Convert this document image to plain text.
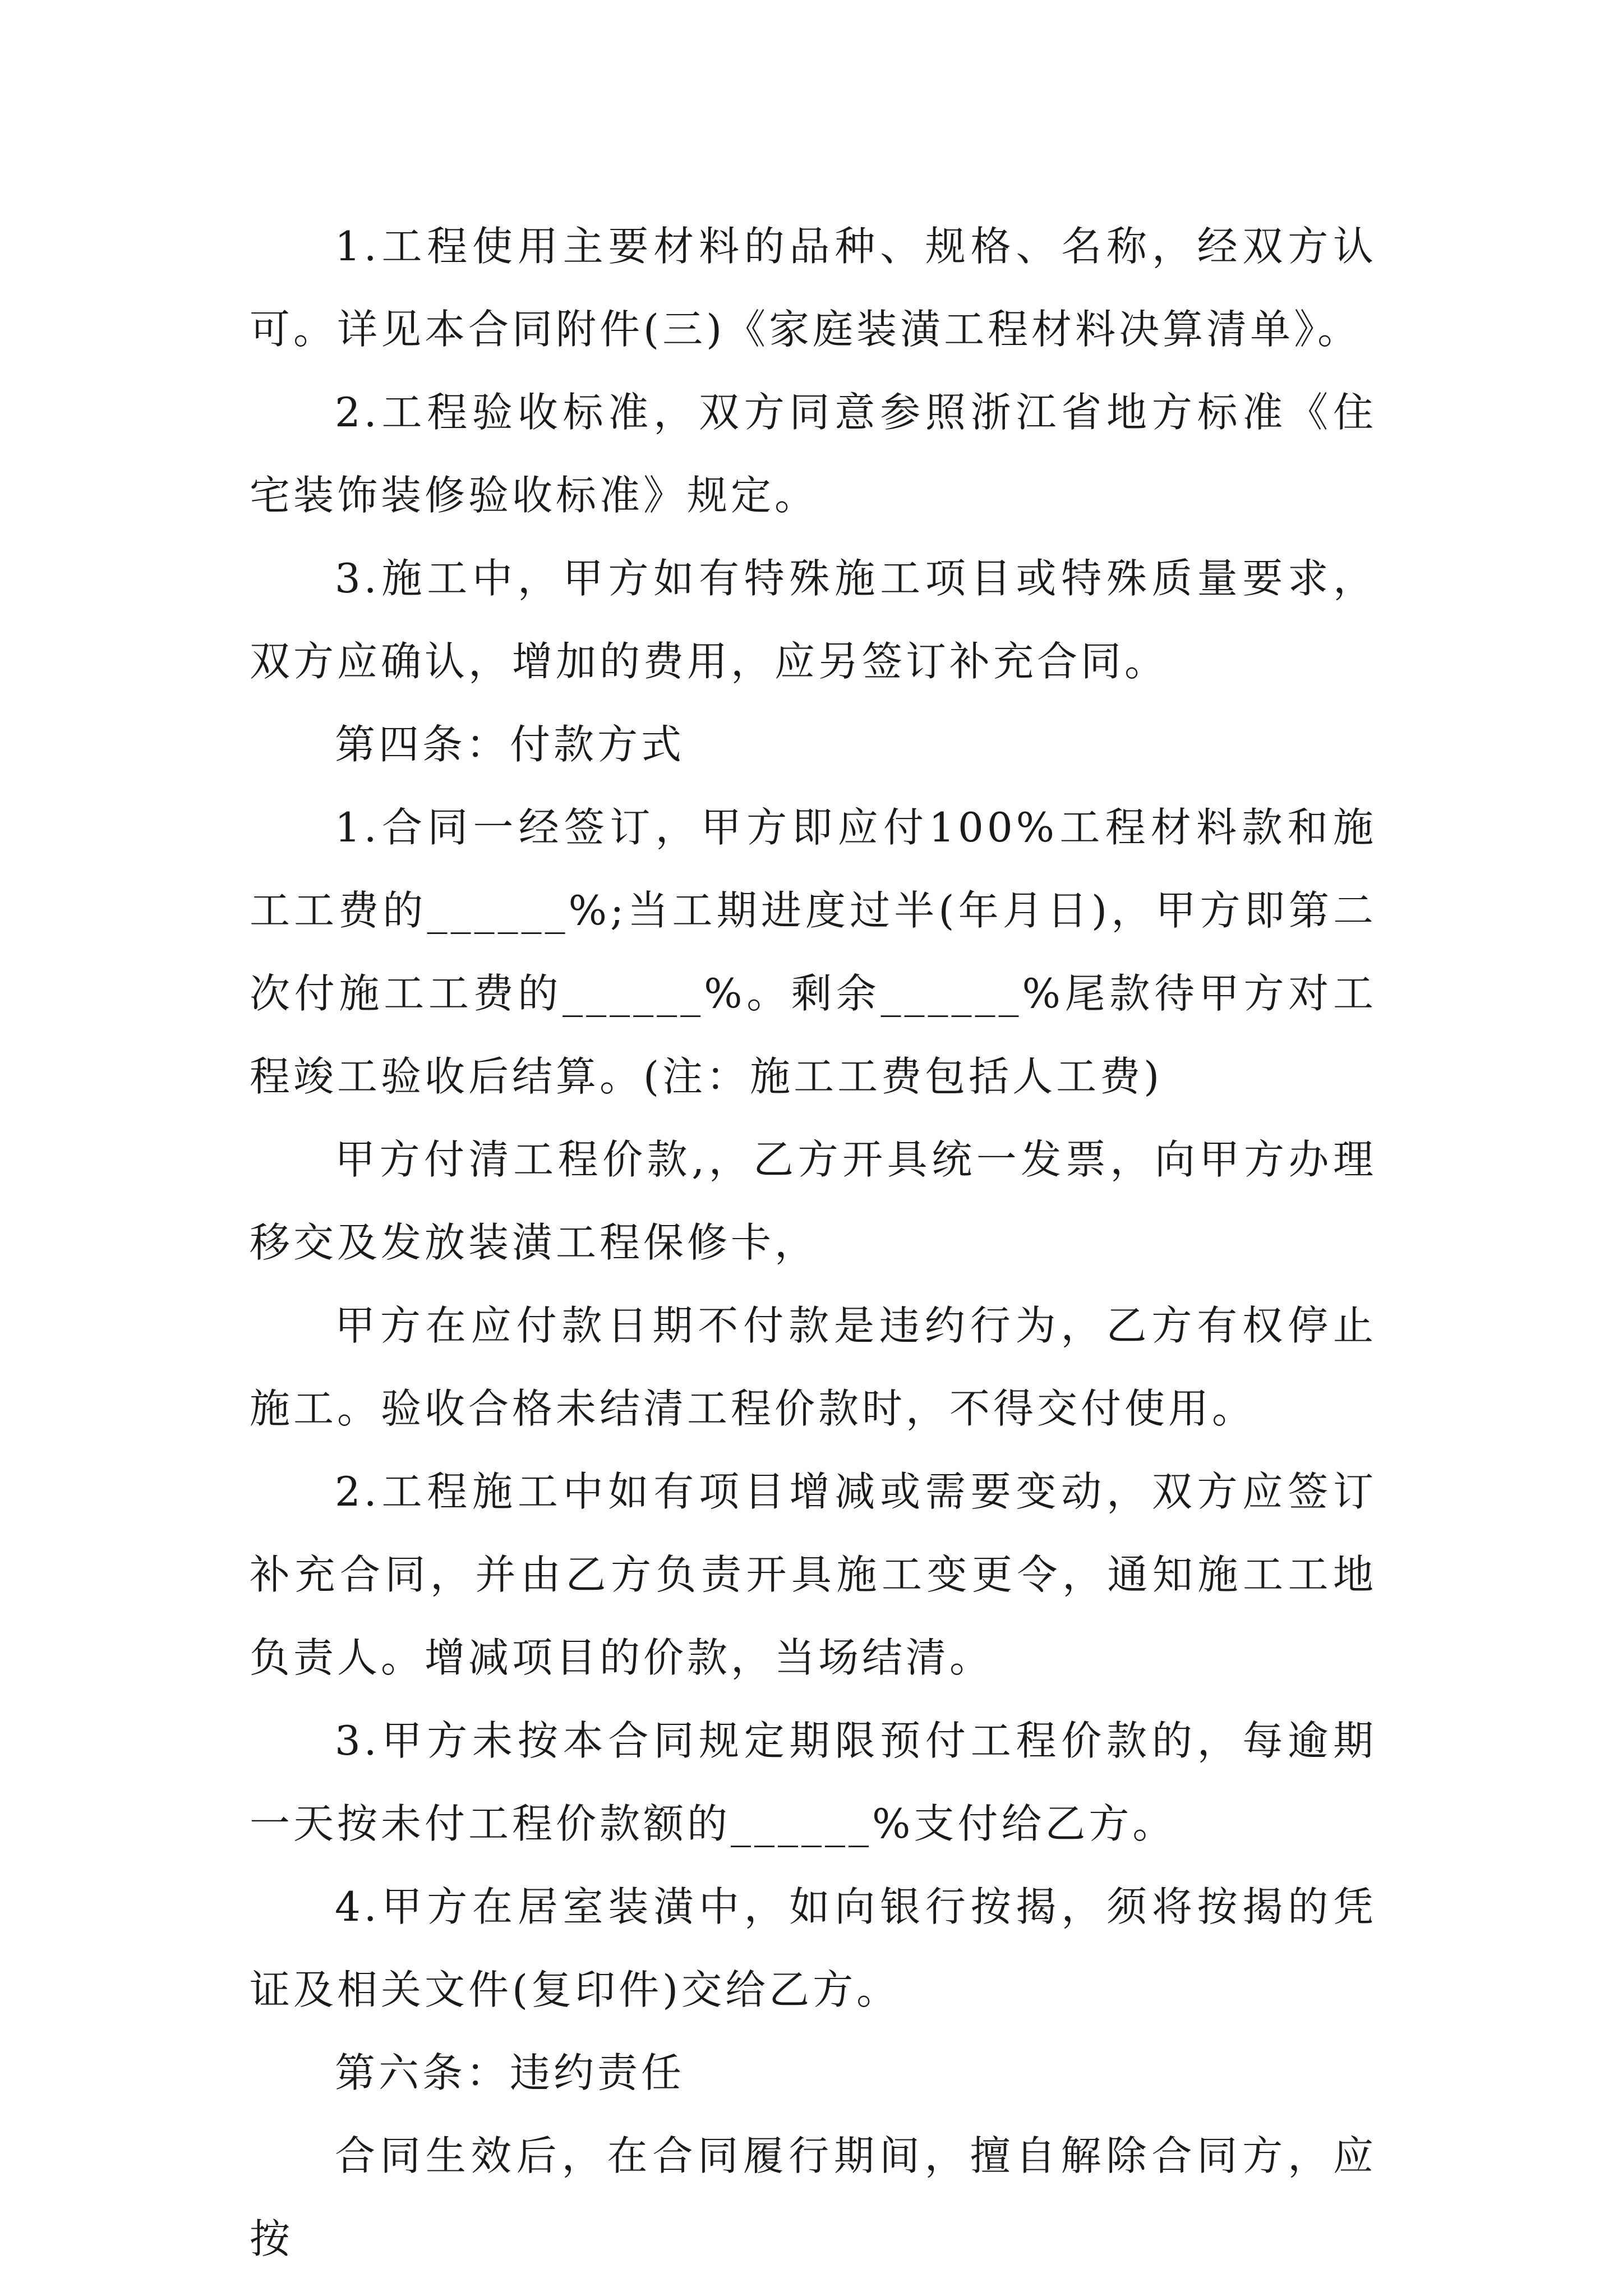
1.工程使用主要材料的品种、规格、名称，经双方认可。详见本合同附件(三)《家庭装潢工程材料决算清单》。

2.工程验收标准，双方同意参照浙江省地方标准《住宅装饰装修验收标准》规定。

3.施工中，甲方如有特殊施工项目或特殊质量要求，双方应确认，增加的费用，应另签订补充合同。

第四条：付款方式

1.合同一经签订，甲方即应付100%工程材料款和施工工费的______%;当工期进度过半(年月日)，甲方即第二次付施工工费的______%。剩余______%尾款待甲方对工程竣工验收后结算。(注：施工工费包括人工费)

甲方付清工程价款,，乙方开具统一发票，向甲方办理移交及发放装潢工程保修卡，

甲方在应付款日期不付款是违约行为，乙方有权停止施工。验收合格未结清工程价款时，不得交付使用。

2.工程施工中如有项目增减或需要变动，双方应签订补充合同，并由乙方负责开具施工变更令，通知施工工地负责人。增减项目的价款，当场结清。

3.甲方未按本合同规定期限预付工程价款的，每逾期一天按未付工程价款额的______%支付给乙方。

4.甲方在居室装潢中，如向银行按揭，须将按揭的凭证及相关文件(复印件)交给乙方。

第六条：违约责任

合同生效后，在合同履行期间，擅自解除合同方，应按
